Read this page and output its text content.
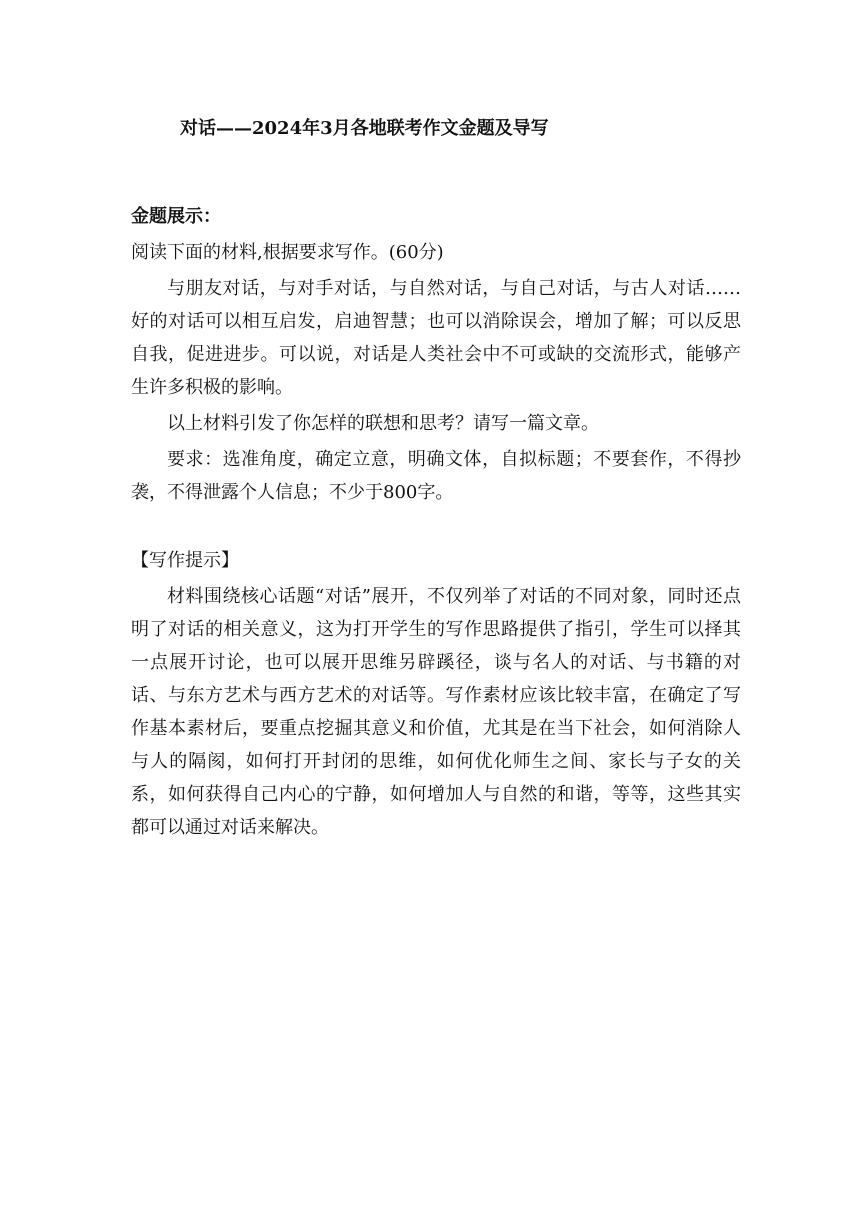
对话——2024年3月各地联考作文金题及导写

金题展示：

阅读下面的材料,根据要求写作。(60分)

与朋友对话，与对手对话，与自然对话，与自己对话，与古人对话……好的对话可以相互启发，启迪智慧；也可以消除误会，增加了解；可以反思自我，促进进步。可以说，对话是人类社会中不可或缺的交流形式，能够产生许多积极的影响。

以上材料引发了你怎样的联想和思考？请写一篇文章。

要求：选准角度，确定立意，明确文体，自拟标题；不要套作，不得抄袭，不得泄露个人信息；不少于800字。

【写作提示】

材料围绕核心话题“对话”展开，不仅列举了对话的不同对象，同时还点明了对话的相关意义，这为打开学生的写作思路提供了指引，学生可以择其一点展开讨论，也可以展开思维另辟蹊径，谈与名人的对话、与书籍的对话、与东方艺术与西方艺术的对话等。写作素材应该比较丰富，在确定了写作基本素材后，要重点挖掘其意义和价值，尤其是在当下社会，如何消除人与人的隔阂，如何打开封闭的思维，如何优化师生之间、家长与子女的关系，如何获得自己内心的宁静，如何增加人与自然的和谐，等等，这些其实都可以通过对话来解决。
